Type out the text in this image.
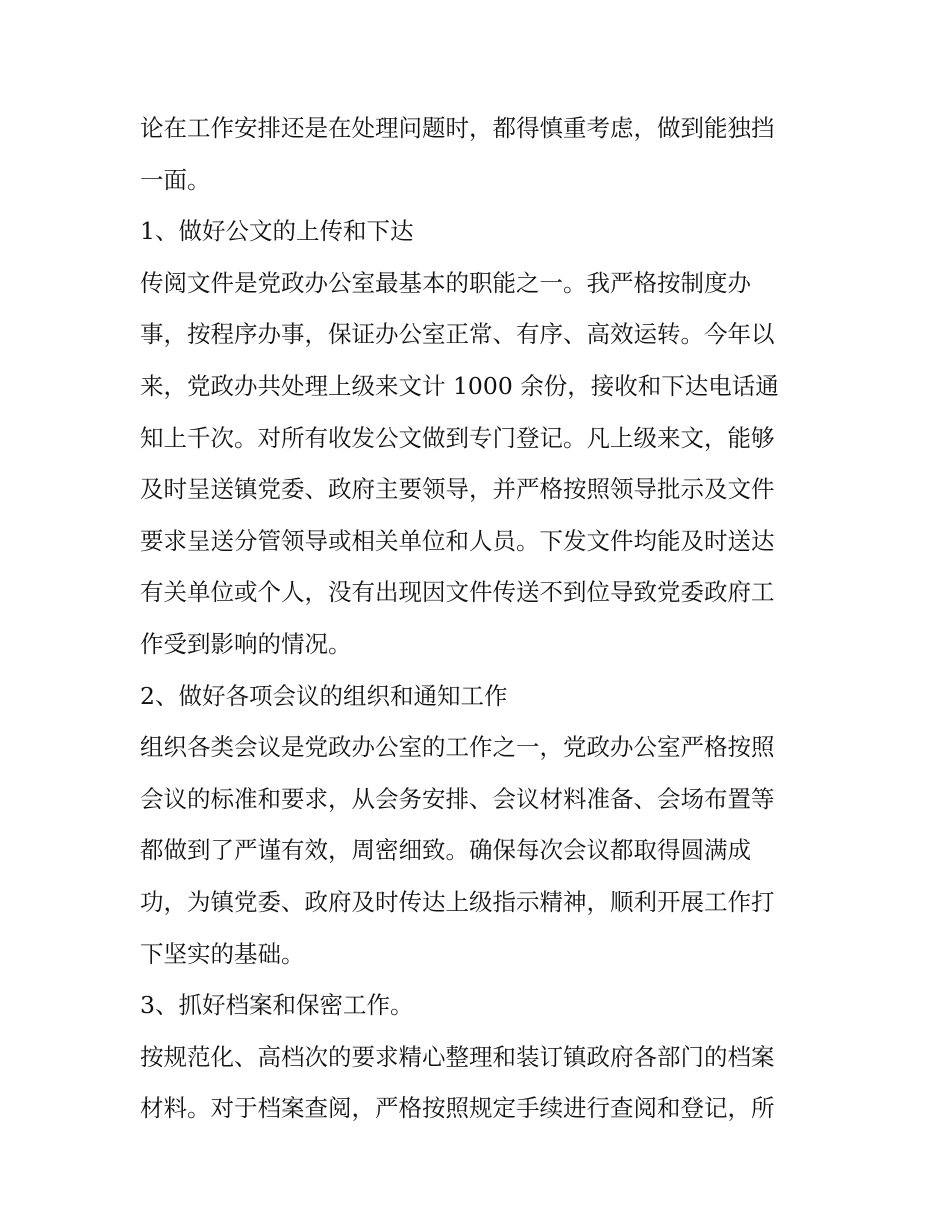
论在工作安排还是在处理问题时，都得慎重考虑，做到能独挡
一面。
1、做好公文的上传和下达
传阅文件是党政办公室最基本的职能之一。我严格按制度办
事，按程序办事，保证办公室正常、有序、高效运转。今年以
来，党政办共处理上级来文计 1000 余份，接收和下达电话通
知上千次。对所有收发公文做到专门登记。凡上级来文，能够
及时呈送镇党委、政府主要领导，并严格按照领导批示及文件
要求呈送分管领导或相关单位和人员。下发文件均能及时送达
有关单位或个人，没有出现因文件传送不到位导致党委政府工
作受到影响的情况。
2、做好各项会议的组织和通知工作
组织各类会议是党政办公室的工作之一，党政办公室严格按照
会议的标准和要求，从会务安排、会议材料准备、会场布置等
都做到了严谨有效，周密细致。确保每次会议都取得圆满成
功，为镇党委、政府及时传达上级指示精神，顺利开展工作打
下坚实的基础。
3、抓好档案和保密工作。
按规范化、高档次的要求精心整理和装订镇政府各部门的档案
材料。对于档案查阅，严格按照规定手续进行查阅和登记，所
